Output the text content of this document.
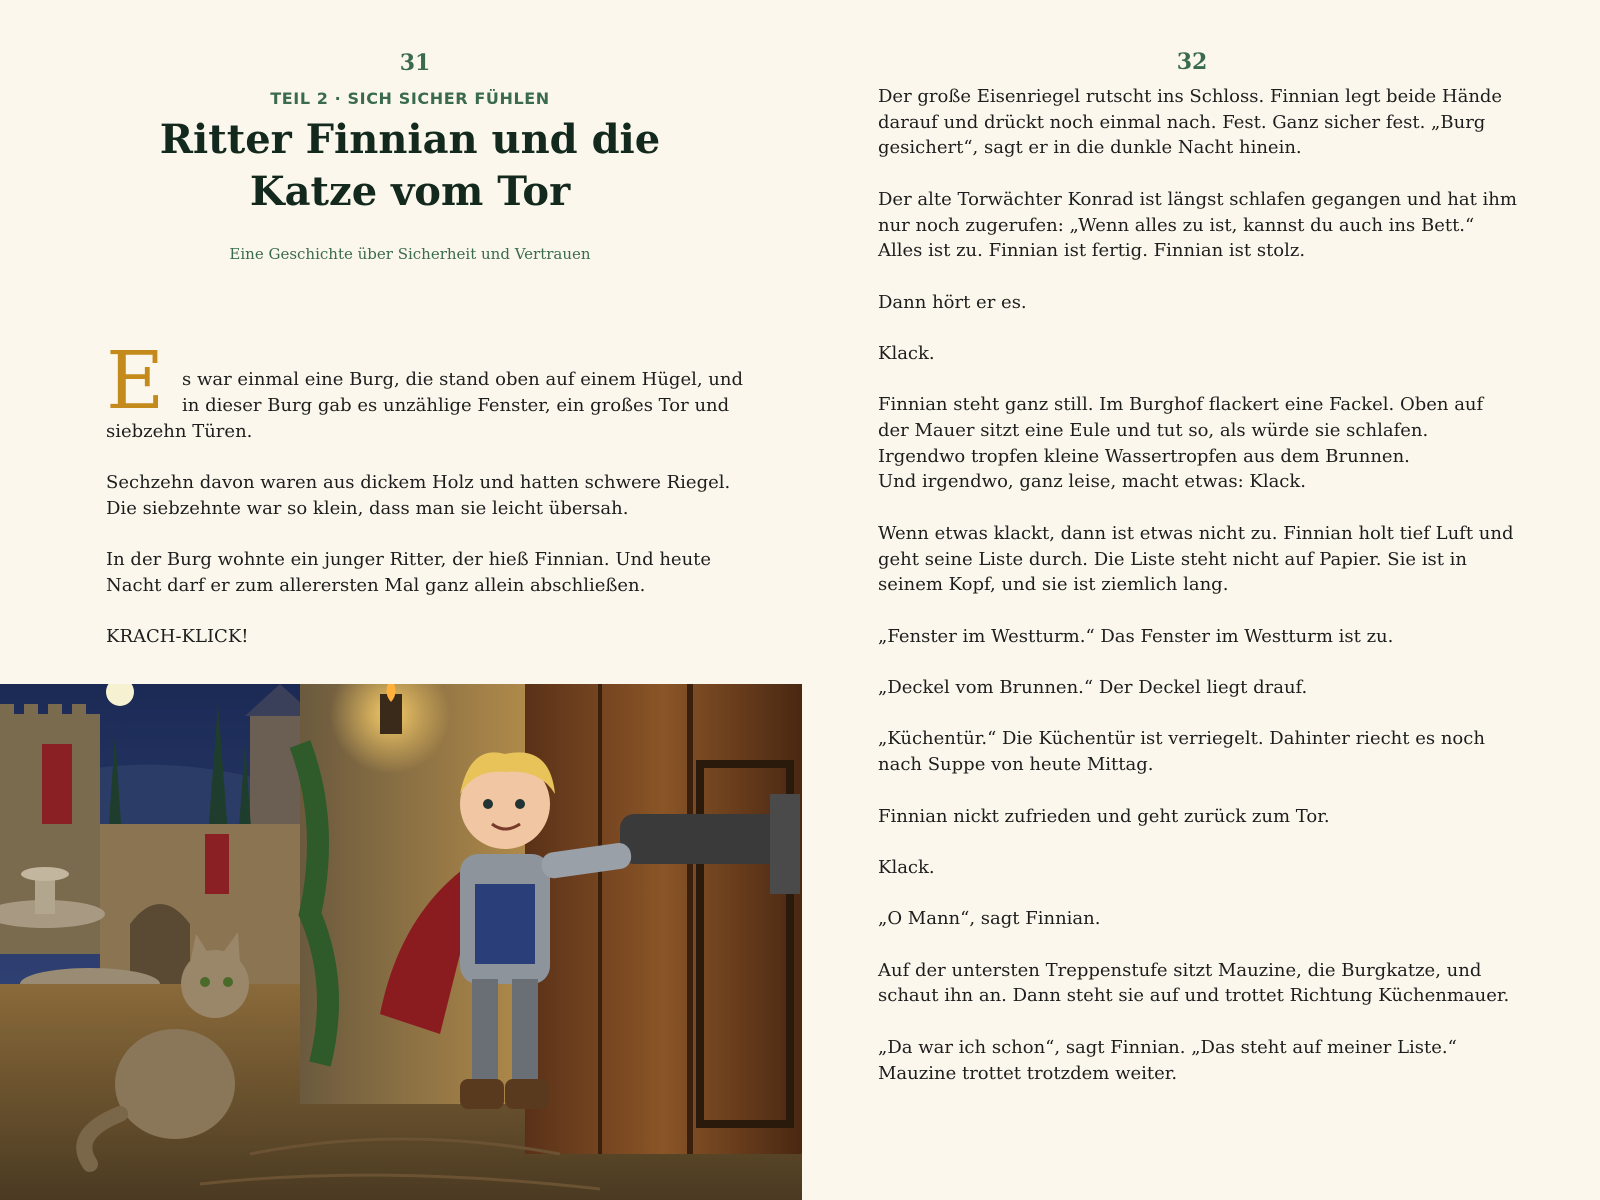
31
TEIL 2 · SICH SICHER FÜHLEN
Ritter Finnian und die
Katze vom Tor
Eine Geschichte über Sicherheit und Vertrauen

E s war einmal eine Burg, die stand oben auf einem Hügel, und in dieser Burg gab es unzählige Fenster, ein großes Tor und siebzehn Türen.

Sechzehn davon waren aus dickem Holz und hatten schwere Riegel. Die siebzehnte war so klein, dass man sie leicht übersah.

In der Burg wohnte ein junger Ritter, der hieß Finnian. Und heute Nacht darf er zum allerersten Mal ganz allein abschließen.

KRACH-KLICK!

32

Der große Eisenriegel rutscht ins Schloss. Finnian legt beide Hände darauf und drückt noch einmal nach. Fest. Ganz sicher fest. „Burg gesichert“, sagt er in die dunkle Nacht hinein.

Der alte Torwächter Konrad ist längst schlafen gegangen und hat ihm nur noch zugerufen: „Wenn alles zu ist, kannst du auch ins Bett.“ Alles ist zu. Finnian ist fertig. Finnian ist stolz.

Dann hört er es.

Klack.

Finnian steht ganz still. Im Burghof flackert eine Fackel. Oben auf der Mauer sitzt eine Eule und tut so, als würde sie schlafen. Irgendwo tropfen kleine Wassertropfen aus dem Brunnen.
Und irgendwo, ganz leise, macht etwas: Klack.

Wenn etwas klackt, dann ist etwas nicht zu. Finnian holt tief Luft und geht seine Liste durch. Die Liste steht nicht auf Papier. Sie ist in seinem Kopf, und sie ist ziemlich lang.

„Fenster im Westturm.“ Das Fenster im Westturm ist zu.

„Deckel vom Brunnen.“ Der Deckel liegt drauf.

„Küchentür.“ Die Küchentür ist verriegelt. Dahinter riecht es noch nach Suppe von heute Mittag.

Finnian nickt zufrieden und geht zurück zum Tor.

Klack.

„O Mann“, sagt Finnian.

Auf der untersten Treppenstufe sitzt Mauzine, die Burgkatze, und schaut ihn an. Dann steht sie auf und trottet Richtung Küchenmauer.

„Da war ich schon“, sagt Finnian. „Das steht auf meiner Liste.“
Mauzine trottet trotzdem weiter.
